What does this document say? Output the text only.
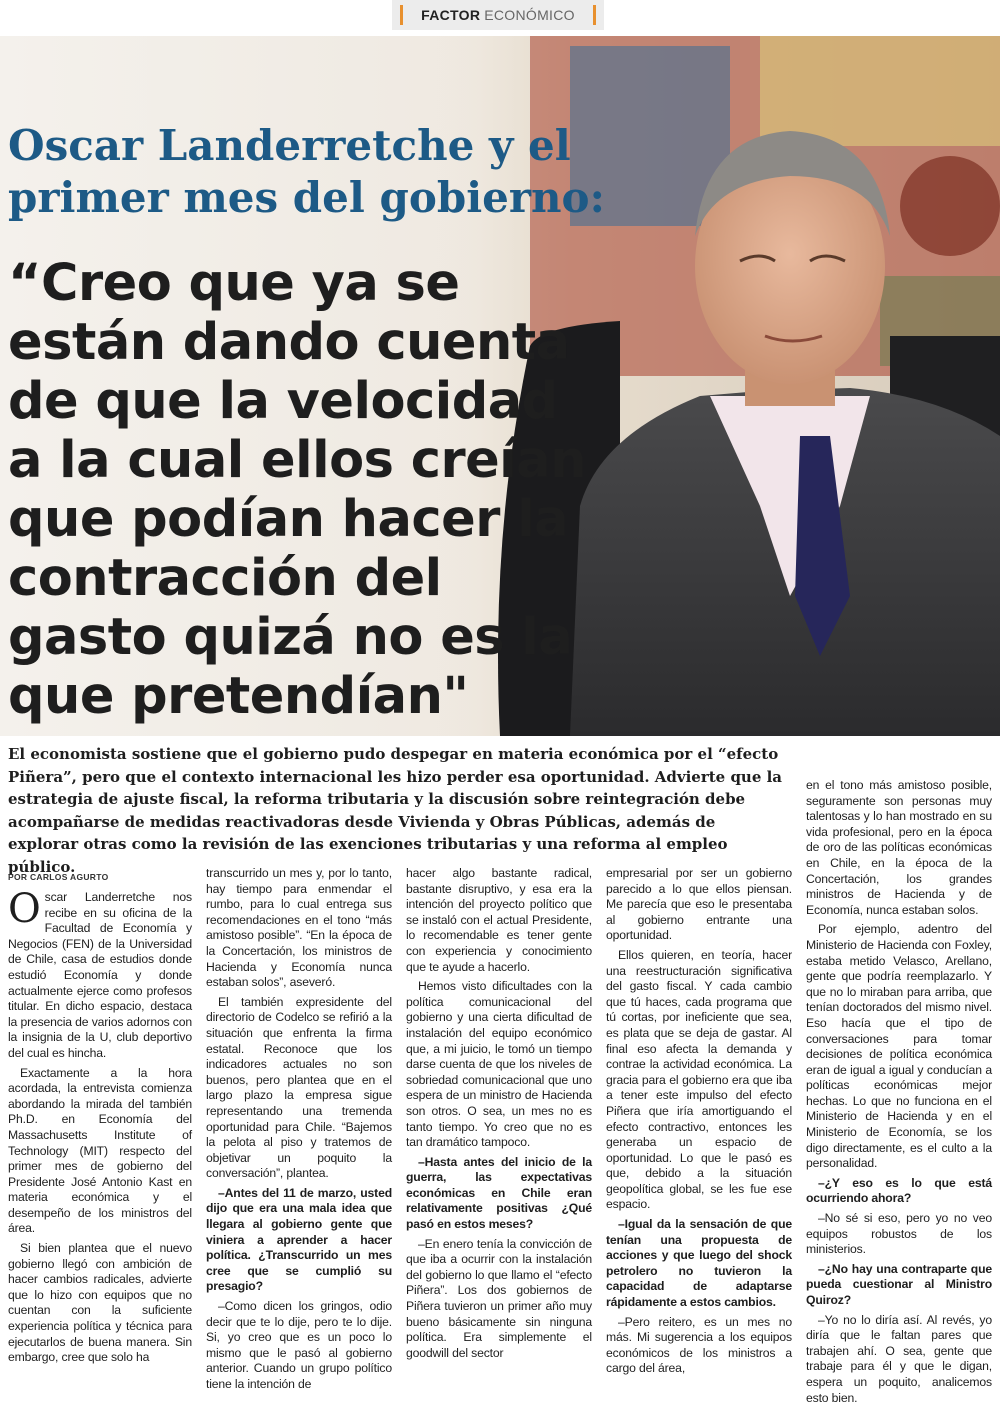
FACTOR ECONÓMICO
Oscar Landerretche y el primer mes del gobierno:
“Creo que ya se están dando cuenta de que la velocidad a la cual ellos creían que podían hacer la contracción del gasto quizá no es la que pretendían"

El economista sostiene que el gobierno pudo despegar en materia económica por el “efecto Piñera”, pero que el contexto internacional les hizo perder esa oportunidad. Advierte que la estrategia de ajuste fiscal, la reforma tributaria y la discusión sobre reintegración debe acompañarse de medidas reactivadoras desde Vivienda y Obras Públicas, además de explorar otras como la revisión de las exenciones tributarias y una reforma al empleo público.

POR CARLOS AGURTO

Oscar Landerretche nos recibe en su oficina de la Facultad de Economía y Negocios (FEN) de la Universidad de Chile, casa de estudios donde estudió Economía y donde actualmente ejerce como profesos titular. En dicho espacio, destaca la presencia de varios adornos con la insignia de la U, club deportivo del cual es hincha.

Exactamente a la hora acordada, la entrevista comienza abordando la mirada del también Ph.D. en Economía del Massachusetts Institute of Technology (MIT) respecto del primer mes de gobierno del Presidente José Antonio Kast en materia económica y el desempeño de los ministros del área.

Si bien plantea que el nuevo gobierno llegó con ambición de hacer cambios radicales, advierte que lo hizo con equipos que no cuentan con la suficiente experiencia política y técnica para ejecutarlos de buena manera. Sin embargo, cree que solo ha

transcurrido un mes y, por lo tanto, hay tiempo para enmendar el rumbo, para lo cual entrega sus recomendaciones en el tono “más amistoso posible”. “En la época de la Concertación, los ministros de Hacienda y Economía nunca estaban solos”, aseveró.

El también expresidente del directorio de Codelco se refirió a la situación que enfrenta la firma estatal. Reconoce que los indicadores actuales no son buenos, pero plantea que en el largo plazo la empresa sigue representando una tremenda oportunidad para Chile. “Bajemos la pelota al piso y tratemos de objetivar un poquito la conversación”, plantea.

–Antes del 11 de marzo, usted dijo que era una mala idea que llegara al gobierno gente que viniera a aprender a hacer política. ¿Transcurrido un mes cree que se cumplió su presagio?

–Como dicen los gringos, odio decir que te lo dije, pero te lo dije. Si, yo creo que es un poco lo mismo que le pasó al gobierno anterior. Cuando un grupo político tiene la intención de

hacer algo bastante radical, bastante disruptivo, y esa era la intención del proyecto político que se instaló con el actual Presidente, lo recomendable es tener gente con experiencia y conocimiento que te ayude a hacerlo.

Hemos visto dificultades con la política comunicacional del gobierno y una cierta dificultad de instalación del equipo económico que, a mi juicio, le tomó un tiempo darse cuenta de que los niveles de sobriedad comunicacional que uno espera de un ministro de Hacienda son otros. O sea, un mes no es tanto tiempo. Yo creo que no es tan dramático tampoco.

–Hasta antes del inicio de la guerra, las expectativas económicas en Chile eran relativamente positivas ¿Qué pasó en estos meses?

–En enero tenía la convicción de que iba a ocurrir con la instalación del gobierno lo que llamo el “efecto Piñera”. Los dos gobiernos de Piñera tuvieron un primer año muy bueno básicamente sin ninguna política. Era simplemente el goodwill del sector

empresarial por ser un gobierno parecido a lo que ellos piensan. Me parecía que eso le presentaba al gobierno entrante una oportunidad.

Ellos quieren, en teoría, hacer una reestructuración significativa del gasto fiscal. Y cada cambio que tú haces, cada programa que tú cortas, por ineficiente que sea, es plata que se deja de gastar. Al final eso afecta la demanda y contrae la actividad económica. La gracia para el gobierno era que iba a tener este impulso del efecto Piñera que iría amortiguando el efecto contractivo, entonces les generaba un espacio de oportunidad. Lo que le pasó es que, debido a la situación geopolítica global, se les fue ese espacio.

–Igual da la sensación de que tenían una propuesta de acciones y que luego del shock petrolero no tuvieron la capacidad de adaptarse rápidamente a estos cambios.

–Pero reitero, es un mes no más. Mi sugerencia a los equipos económicos de los ministros a cargo del área,

en el tono más amistoso posible, seguramente son personas muy talentosas y lo han mostrado en su vida profesional, pero en la época de oro de las políticas económicas en Chile, en la época de la Concertación, los grandes ministros de Hacienda y de Economía, nunca estaban solos.

Por ejemplo, adentro del Ministerio de Hacienda con Foxley, estaba metido Velasco, Arellano, gente que podría reemplazarlo. Y que no lo miraban para arriba, que tenían doctorados del mismo nivel. Eso hacía que el tipo de conversaciones para tomar decisiones de política económica eran de igual a igual y conducían a políticas económicas mejor hechas. Lo que no funciona en el Ministerio de Hacienda y en el Ministerio de Economía, se los digo directamente, es el culto a la personalidad.

–¿Y eso es lo que está ocurriendo ahora?

–No sé si eso, pero yo no veo equipos robustos de los ministerios.

–¿No hay una contraparte que pueda cuestionar al Ministro Quiroz?

–Yo no lo diría así. Al revés, yo diría que le faltan pares que trabajen ahí. O sea, gente que trabaje para él y que le digan, espera un poquito, analicemos esto bien.
